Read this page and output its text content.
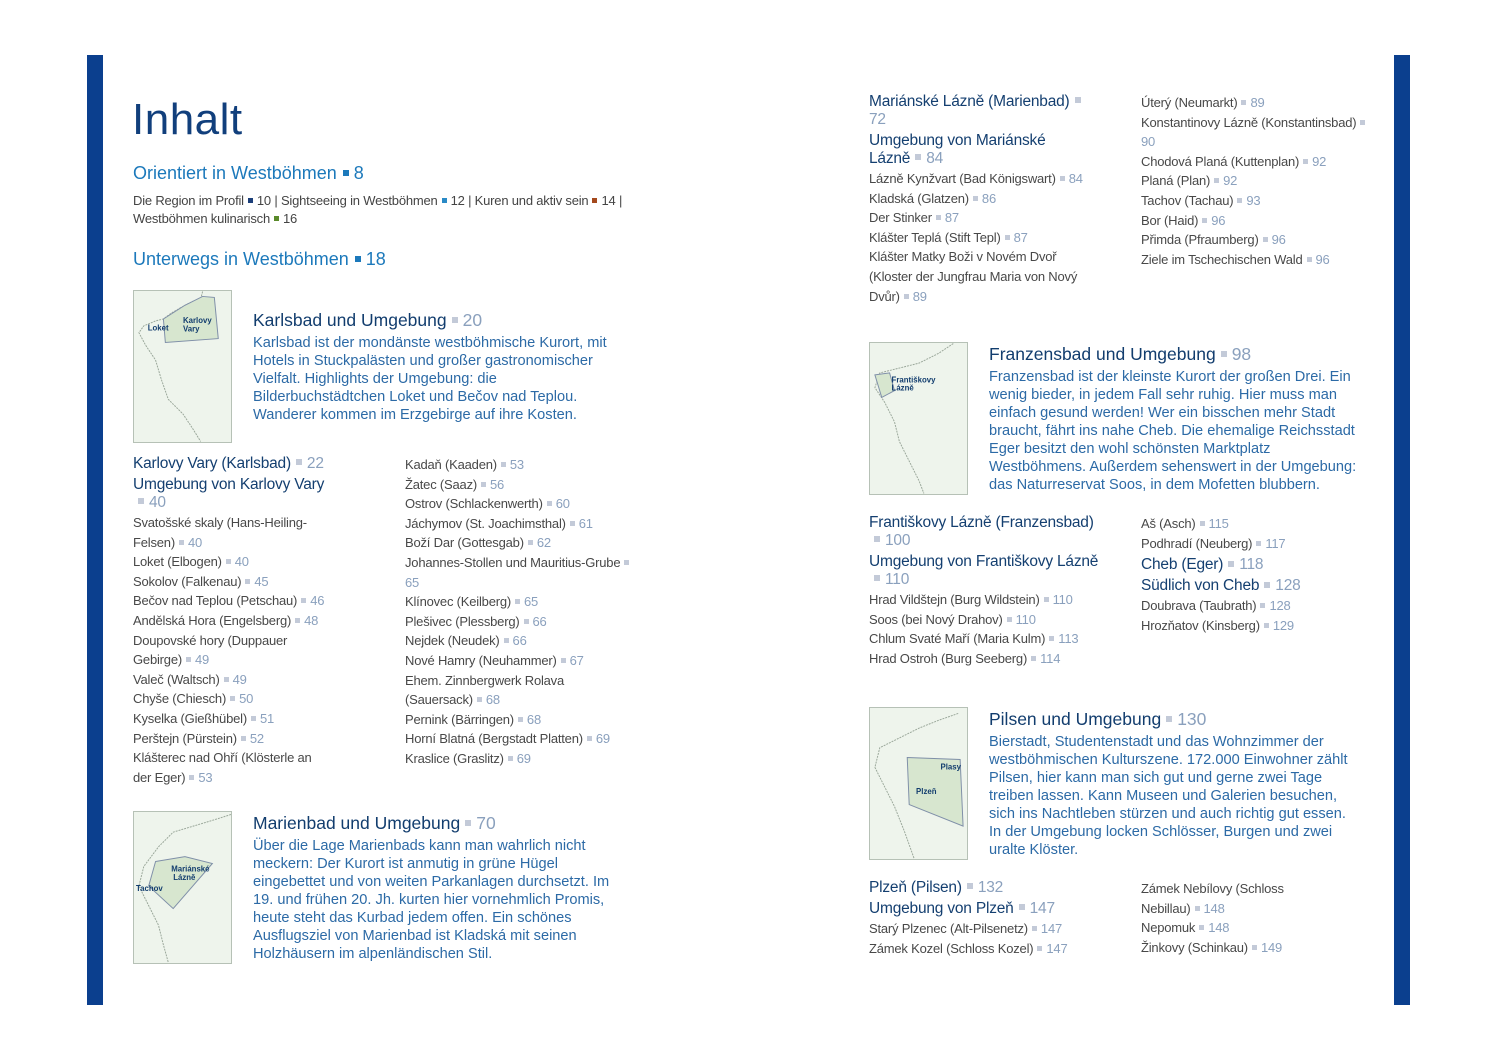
Inhalt
Orientiert in Westböhmen 8
Die Region im Profil 10 | Sightseeing in Westböhmen 12 | Kuren und aktiv sein 14 | Westböhmen kulinarisch 16
Unterwegs in Westböhmen 18
Karlovy
Loket Vary
Mariánské
Lázně
Tachov
Františkovy
Lázně
Plasy
Plzeň
Karlsbad und Umgebung 20
Karlsbad ist der mondänste westböhmische Kurort, mit Hotels in Stuckpalästen und großer gastronomischer Vielfalt. Highlights der Umgebung: die Bilderbuchstädtchen Loket und Bečov nad Teplou. Wanderer kommen im Erzgebirge auf ihre Kosten.
Marienbad und Umgebung 70
Über die Lage Marienbads kann man wahrlich nicht meckern: Der Kurort ist anmutig in grüne Hügel eingebettet und von weiten Parkanlagen durchsetzt. Im 19. und frühen 20. Jh. kurten hier vornehmlich Promis, heute steht das Kurbad jedem offen. Ein schönes Ausflugsziel von Marienbad ist Kladská mit seinen Holzhäusern im alpenländischen Stil.
Franzensbad und Umgebung 98
Franzensbad ist der kleinste Kurort der großen Drei. Ein wenig bieder, in jedem Fall sehr ruhig. Hier muss man einfach gesund werden! Wer ein bisschen mehr Stadt braucht, fährt ins nahe Cheb. Die ehemalige Reichsstadt Eger besitzt den wohl schönsten Marktplatz Westböhmens. Außerdem sehenswert in der Umgebung: das Naturreservat Soos, in dem Mofetten blubbern.
Pilsen und Umgebung 130
Bierstadt, Studentenstadt und das Wohnzimmer der westböhmischen Kulturszene. 172.000 Einwohner zählt Pilsen, hier kann man sich gut und gerne zwei Tage treiben lassen. Kann Museen und Galerien besuchen, sich ins Nachtleben stürzen und auch richtig gut essen. In der Umgebung locken Schlösser, Burgen und zwei uralte Klöster.
Karlovy Vary (Karlsbad) 22
Umgebung von Karlovy Vary40
Svatošské skaly (Hans-Heiling-Felsen) 40
Loket (Elbogen) 40
Sokolov (Falkenau) 45
Bečov nad Teplou (Petschau) 46
Andělská Hora (Engelsberg) 48
Doupovské hory (Duppauer Gebirge) 49
Valeč (Waltsch) 49
Chyše (Chiesch) 50
Kyselka (Gießhübel) 51
Perštejn (Pürstein) 52
Klášterec nad Ohří (Klösterle an der Eger) 53
Kadaň (Kaaden) 53
Žatec (Saaz) 56
Ostrov (Schlackenwerth) 60
Jáchymov (St. Joachimsthal) 61
Boží Dar (Gottesgab) 62
Johannes-Stollen und Mauritius-Grube65
Klínovec (Keilberg) 65
Plešivec (Plessberg) 66
Nejdek (Neudek) 66
Nové Hamry (Neuhammer) 67
Ehem. Zinnbergwerk Rolava (Sauersack) 68
Pernink (Bärringen) 68
Horní Blatná (Bergstadt Platten) 69
Kraslice (Graslitz) 69
Mariánské Lázně (Marienbad)72
Umgebung von Mariánské Lázně 84
Lázně Kynžvart (Bad Königswart) 84
Kladská (Glatzen) 86
Der Stinker 87
Klášter Teplá (Stift Tepl) 87
Klášter Matky Boži v Novém Dvoř (Kloster der Jungfrau Maria von Nový Dvůr) 89
Úterý (Neumarkt) 89
Konstantinovy Lázně (Konstantinsbad)90
Chodová Planá (Kuttenplan) 92
Planá (Plan) 92
Tachov (Tachau) 93
Bor (Haid) 96
Přimda (Pfraumberg) 96
Ziele im Tschechischen Wald 96
Františkovy Lázně (Franzensbad)100
Umgebung von Františkovy Lázně110
Hrad Vildštejn (Burg Wildstein) 110
Soos (bei Nový Drahov) 110
Chlum Svaté Maří (Maria Kulm) 113
Hrad Ostroh (Burg Seeberg) 114
Aš (Asch) 115
Podhradí (Neuberg) 117
Cheb (Eger) 118
Südlich von Cheb 128
Doubrava (Taubrath) 128
Hrozňatov (Kinsberg) 129
Plzeň (Pilsen) 132
Umgebung von Plzeň 147
Starý Plzenec (Alt-Pilsenetz) 147
Zámek Kozel (Schloss Kozel) 147
Zámek Nebílovy (Schloss Nebillau) 148
Nepomuk 148
Žinkovy (Schinkau) 149
